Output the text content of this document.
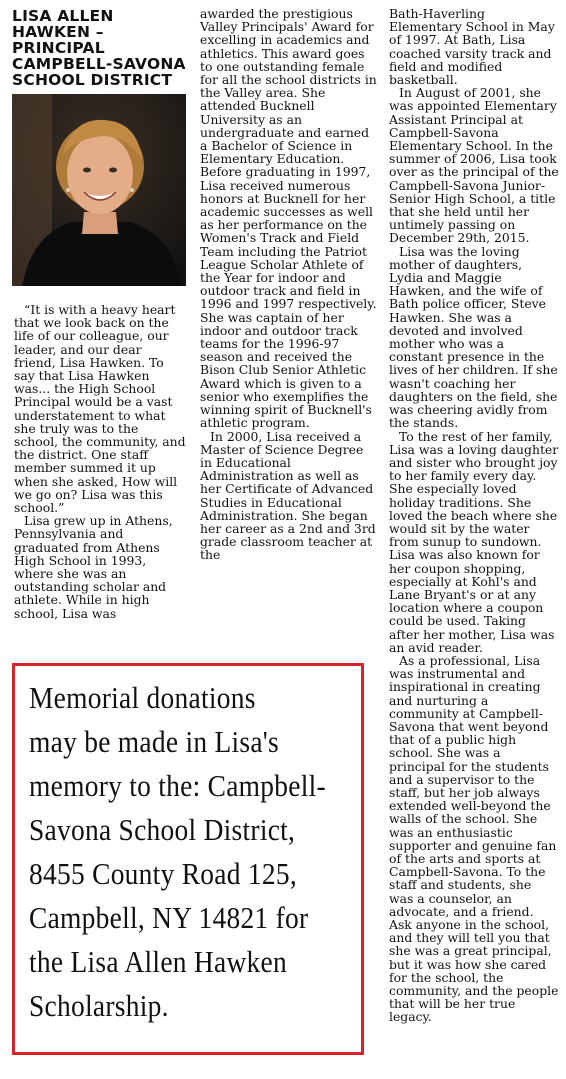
LISA ALLEN HAWKEN – PRINCIPAL CAMPBELL-SAVONA SCHOOL DISTRICT

“It is with a heavy heart that we look back on the life of our colleague, our leader, and our dear friend, Lisa Hawken. To say that Lisa Hawken was... the High School Principal would be a vast understatement to what she truly was to the school, the community, and the district. One staff member summed it up when she asked, How will we go on? Lisa was this school.”

Lisa grew up in Athens, Pennsylvania and graduated from Athens High School in 1993, where she was an outstanding scholar and athlete. While in high school, Lisa was

awarded the prestigious Valley Principals' Award for excelling in academics and athletics. This award goes to one outstanding female for all the school districts in the Valley area. She attended Bucknell University as an undergraduate and earned a Bachelor of Science in Elementary Education. Before graduating in 1997, Lisa received numerous honors at Bucknell for her academic successes as well as her performance on the Women's Track and Field Team including the Patriot League Scholar Athlete of the Year for indoor and outdoor track and field in 1996 and 1997 respectively. She was captain of her indoor and outdoor track teams for the 1996-97 season and received the Bison Club Senior Athletic Award which is given to a senior who exemplifies the winning spirit of Bucknell's athletic program.

In 2000, Lisa received a Master of Science Degree in Educational Administration as well as her Certificate of Advanced Studies in Educational Administration. She began her career as a 2nd and 3rd grade classroom teacher at the

Bath-Haverling Elementary School in May of 1997. At Bath, Lisa coached varsity track and field and modified basketball.

In August of 2001, she was appointed Elementary Assistant Principal at Campbell-Savona Elementary School. In the summer of 2006, Lisa took over as the principal of the Campbell-Savona Junior-Senior High School, a title that she held until her untimely passing on December 29th, 2015.

Lisa was the loving mother of daughters, Lydia and Maggie Hawken, and the wife of Bath police officer, Steve Hawken. She was a devoted and involved mother who was a constant presence in the lives of her children. If she wasn't coaching her daughters on the field, she was cheering avidly from the stands.

To the rest of her family, Lisa was a loving daughter and sister who brought joy to her family every day. She especially loved holiday traditions. She loved the beach where she would sit by the water from sunup to sundown. Lisa was also known for her coupon shopping, especially at Kohl's and Lane Bryant's or at any location where a coupon could be used. Taking after her mother, Lisa was an avid reader.

As a professional, Lisa was instrumental and inspirational in creating and nurturing a community at Campbell-Savona that went beyond that of a public high school. She was a principal for the students and a supervisor to the staff, but her job always extended well-beyond the walls of the school. She was an enthusiastic supporter and genuine fan of the arts and sports at Campbell-Savona. To the staff and students, she was a counselor, an advocate, and a friend. Ask anyone in the school, and they will tell you that she was a great principal, but it was how she cared for the school, the community, and the people that will be her true legacy.

Memorial donations
may be made in Lisa's
memory to the: Campbell-
Savona School District,
8455 County Road 125,
Campbell, NY 14821 for
the Lisa Allen Hawken
Scholarship.
